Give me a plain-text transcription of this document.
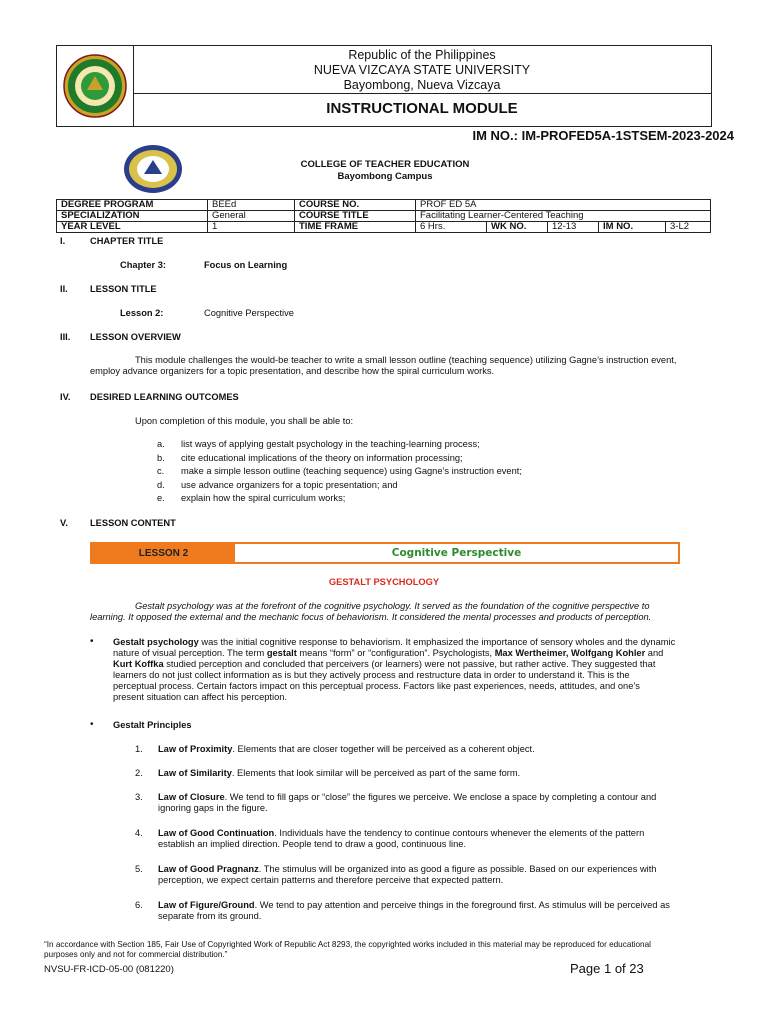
Republic of the Philippines
NUEVA VIZCAYA STATE UNIVERSITY
Bayombong, Nueva Vizcaya
INSTRUCTIONAL MODULE
IM NO.: IM-PROFED5A-1STSEM-2023-2024
COLLEGE OF TEACHER EDUCATION
Bayombong Campus
DEGREE PROGRAM	BEEd	COURSE NO.	PROF ED 5A				
SPECIALIZATION	General	COURSE TITLE	Facilitating Learner-Centered Teaching				
YEAR LEVEL	1	TIME FRAME	6 Hrs.	WK NO.	12-13	IM NO.	3-L2
I.	CHAPTER TITLE
Chapter 3:	Focus on Learning
II. LESSON TITLE
Lesson 2:	Cognitive Perspective
III. LESSON OVERVIEW
This module challenges the would-be teacher to write a small lesson outline (teaching sequence) utilizing Gagne’s instruction event,
employ advance organizers for a topic presentation, and describe how the spiral curriculum works.
IV. DESIRED LEARNING OUTCOMES
Upon completion of this module, you shall be able to:
a. list ways of applying gestalt psychology in the teaching-learning process;
b. cite educational implications of the theory on information processing;
c. make a simple lesson outline (teaching sequence) using Gagne’s instruction event;
d. use advance organizers for a topic presentation; and
e. explain how the spiral curriculum works;
V. LESSON CONTENT
LESSON 2	Cognitive Perspective
GESTALT PSYCHOLOGY
Gestalt psychology was at the forefront of the cognitive psychology. It served as the foundation of the cognitive perspective to
learning. It opposed the external and the mechanic focus of behaviorism. It considered the mental processes and products of perception.
• Gestalt psychology was the initial cognitive response to behaviorism. It emphasized the importance of sensory wholes and the dynamic
nature of visual perception. The term gestalt means “form” or “configuration”. Psychologists, Max Wertheimer, Wolfgang Kohler and
Kurt Koffka studied perception and concluded that perceivers (or learners) were not passive, but rather active. They suggested that
learners do not just collect information as is but they actively process and restructure data in order to understand it. This is the
perceptual process. Certain factors impact on this perceptual process. Factors like past experiences, needs, attitudes, and one’s
present situation can affect his perception.
• Gestalt Principles
1.	Law of Proximity. Elements that are closer together will be perceived as a coherent object.
2.	Law of Similarity. Elements that look similar will be perceived as part of the same form.
3.	Law of Closure. We tend to fill gaps or “close” the figures we perceive. We enclose a space by completing a contour and
ignoring gaps in the figure.
4.	Law of Good Continuation. Individuals have the tendency to continue contours whenever the elements of the pattern
establish an implied direction. People tend to draw a good, continuous line.
5.	Law of Good Pragnanz. The stimulus will be organized into as good a figure as possible. Based on our experiences with
perception, we expect certain patterns and therefore perceive that expected pattern.
6.	Law of Figure/Ground. We tend to pay attention and perceive things in the foreground first. As stimulus will be perceived as
separate from its ground.
“In accordance with Section 185, Fair Use of Copyrighted Work of Republic Act 8293, the copyrighted works included in this material may be reproduced for educational
purposes only and not for commercial distribution.”
NVSU-FR-ICD-05-00 (081220)	Page 1 of 23
